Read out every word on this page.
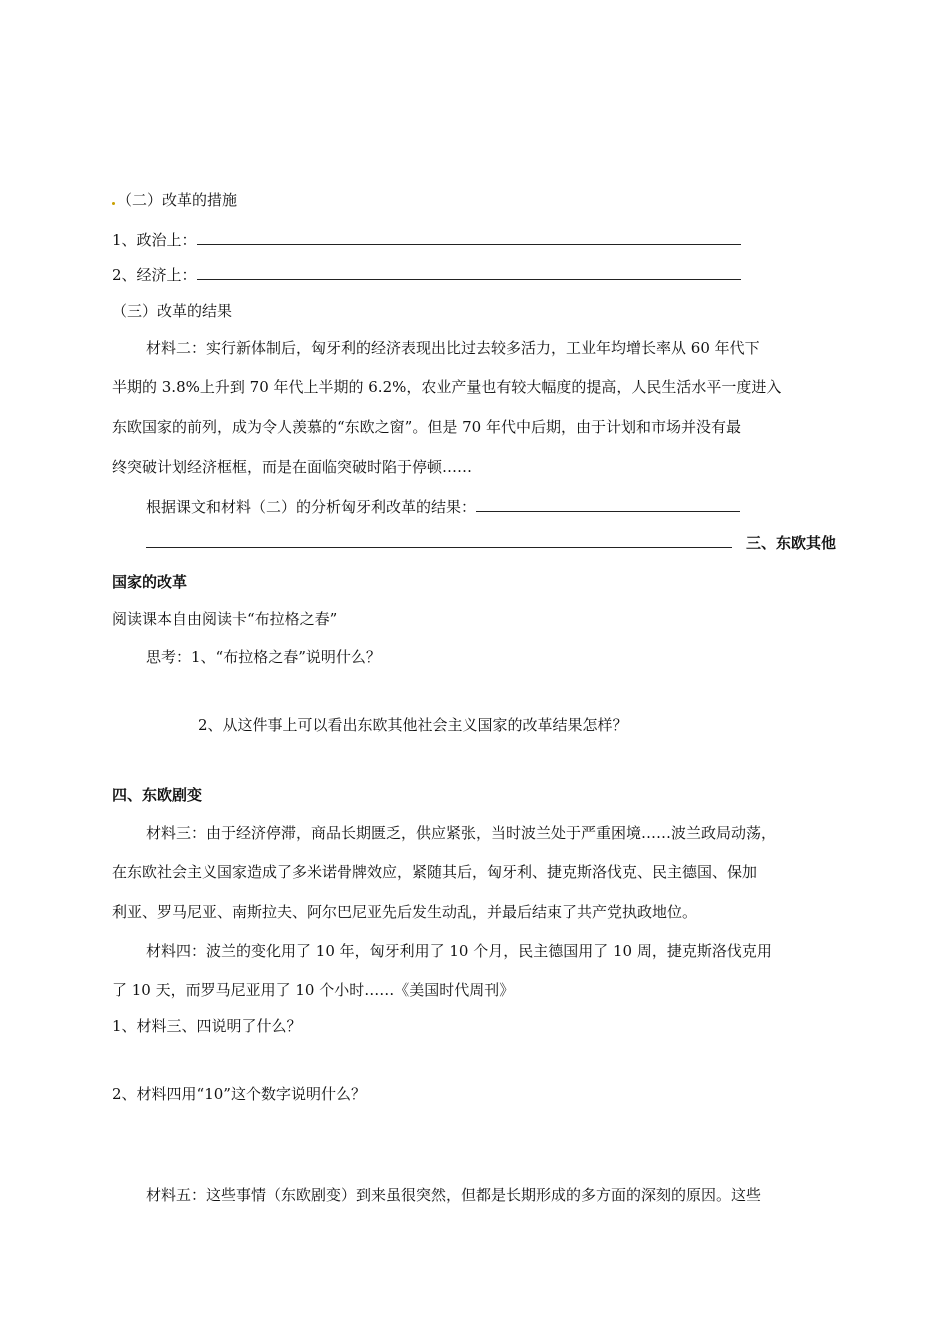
（二）改革的措施
1、政治上：
2、经济上：
（三）改革的结果
材料二：实行新体制后，匈牙利的经济表现出比过去较多活力，工业年均增长率从 60 年代下
半期的 3.8%上升到 70 年代上半期的 6.2%，农业产量也有较大幅度的提高，人民生活水平一度进入
东欧国家的前列，成为令人羡慕的“东欧之窗”。但是 70 年代中后期，由于计划和市场并没有最
终突破计划经济框框，而是在面临突破时陷于停顿……
根据课文和材料（二）的分析匈牙利改革的结果：
三、东欧其他
国家的改革
阅读课本自由阅读卡“布拉格之春”
思考：1、“布拉格之春”说明什么？
2、从这件事上可以看出东欧其他社会主义国家的改革结果怎样？
四、东欧剧变
材料三：由于经济停滞，商品长期匮乏，供应紧张，当时波兰处于严重困境……波兰政局动荡，
在东欧社会主义国家造成了多米诺骨牌效应，紧随其后，匈牙利、捷克斯洛伐克、民主德国、保加
利亚、罗马尼亚、南斯拉夫、阿尔巴尼亚先后发生动乱，并最后结束了共产党执政地位。
材料四：波兰的变化用了 10 年，匈牙利用了 10 个月，民主德国用了 10 周，捷克斯洛伐克用
了 10 天，而罗马尼亚用了 10 个小时……《美国时代周刊》
1、材料三、四说明了什么？
2、材料四用“10”这个数字说明什么？
材料五：这些事情（东欧剧变）到来虽很突然，但都是长期形成的多方面的深刻的原因。这些
